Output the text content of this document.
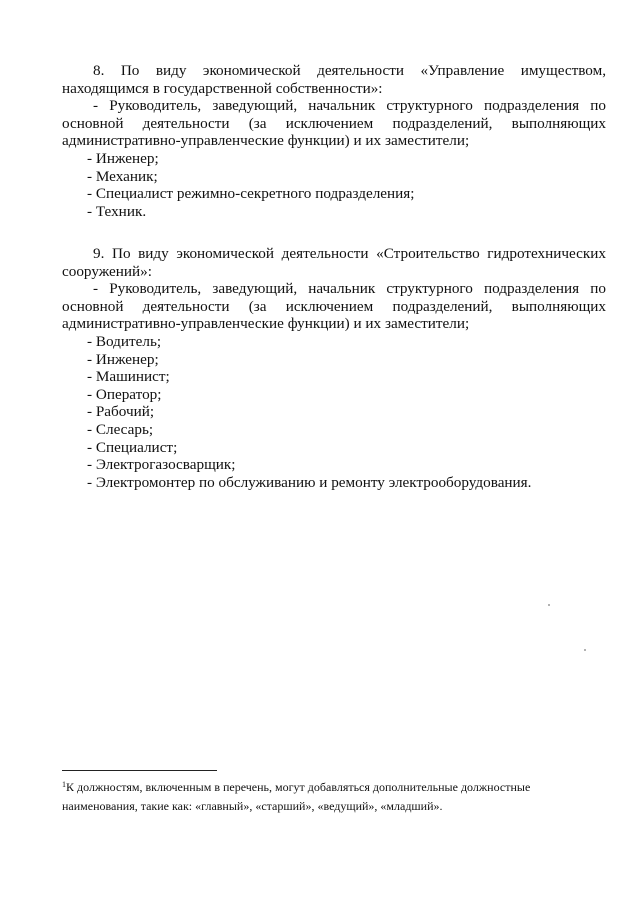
8. По виду экономической деятельности «Управление имуществом, находящимся в государственной собственности»:

- Руководитель, заведующий, начальник структурного подразделения по основной деятельности (за исключением подразделений, выполняющих административно-управленческие функции) и их заместители;

- Инженер;
- Механик;
- Специалист режимно-секретного подразделения;
- Техник.

9. По виду экономической деятельности «Строительство гидротехнических сооружений»:

- Руководитель, заведующий, начальник структурного подразделения по основной деятельности (за исключением подразделений, выполняющих административно-управленческие функции) и их заместители;

- Водитель;
- Инженер;
- Машинист;
- Оператор;
- Рабочий;
- Слесарь;
- Специалист;
- Электрогазосварщик;
- Электромонтер по обслуживанию и ремонту электрооборудования.

$^1$К должностям, включенным в перечень, могут добавляться дополнительные должностные наименования, такие как: «главный», «старший», «ведущий», «младший».
